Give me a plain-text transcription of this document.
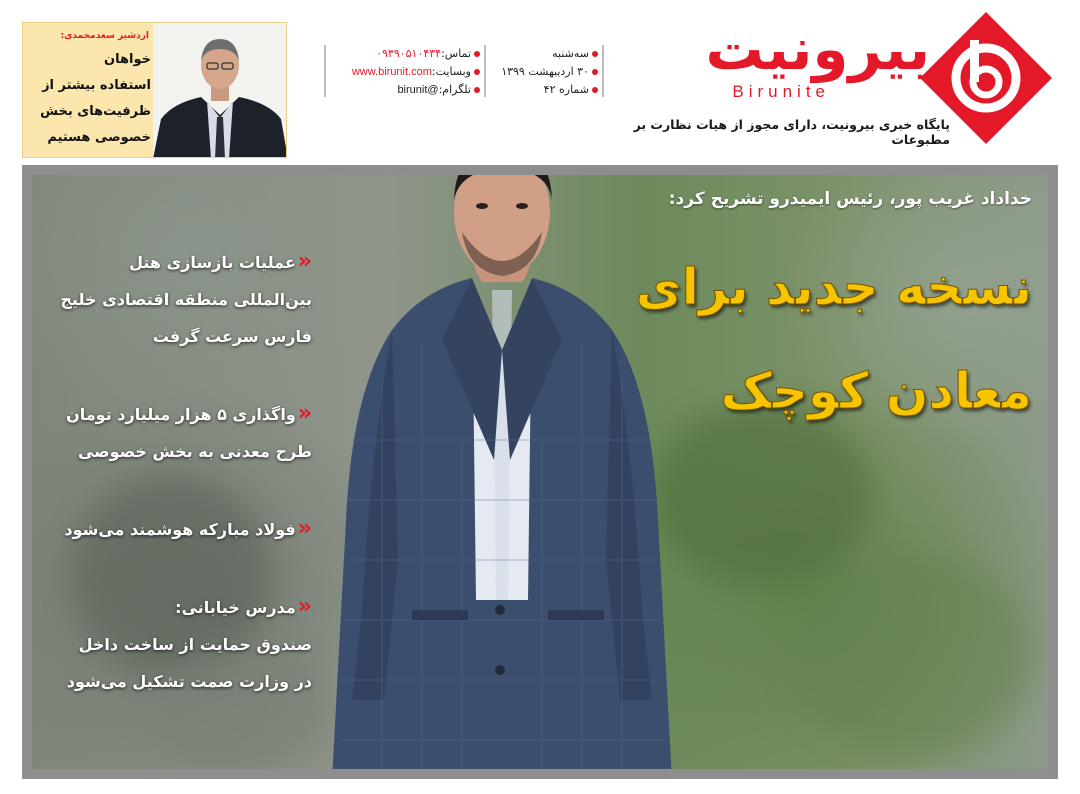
بیرونیت
Birunite
پایگاه خبری بیرونیت، دارای مجوز از هیات نظارت بر مطبوعات
سه‌شنبه
۳۰ اردیبهشت ۱۳۹۹
شماره ۴۲
تماس:۰۹۳۹۰۵۱۰۴۳۴
وبسایت:www.birunit.com
تلگرام:@birunit
اردشیر سعدمحمدی:
خواهان
استفاده بیشتر از
ظرفیت‌های بخش
خصوصی هستیم
خداداد غریب پور، رئیس ایمیدرو تشریح کرد:
نسخه جدید برای
معادن کوچک
«عملیات بازسازی هتل
بین‌المللی منطقه اقتصادی خلیج
فارس سرعت گرفت
«واگذاری ۵ هزار میلیارد تومان
طرح معدنی به بخش خصوصی
«فولاد مبارکه هوشمند می‌شود
«مدرس خیابانی:
صندوق حمایت از ساخت داخل
در وزارت صمت تشکیل می‌شود
